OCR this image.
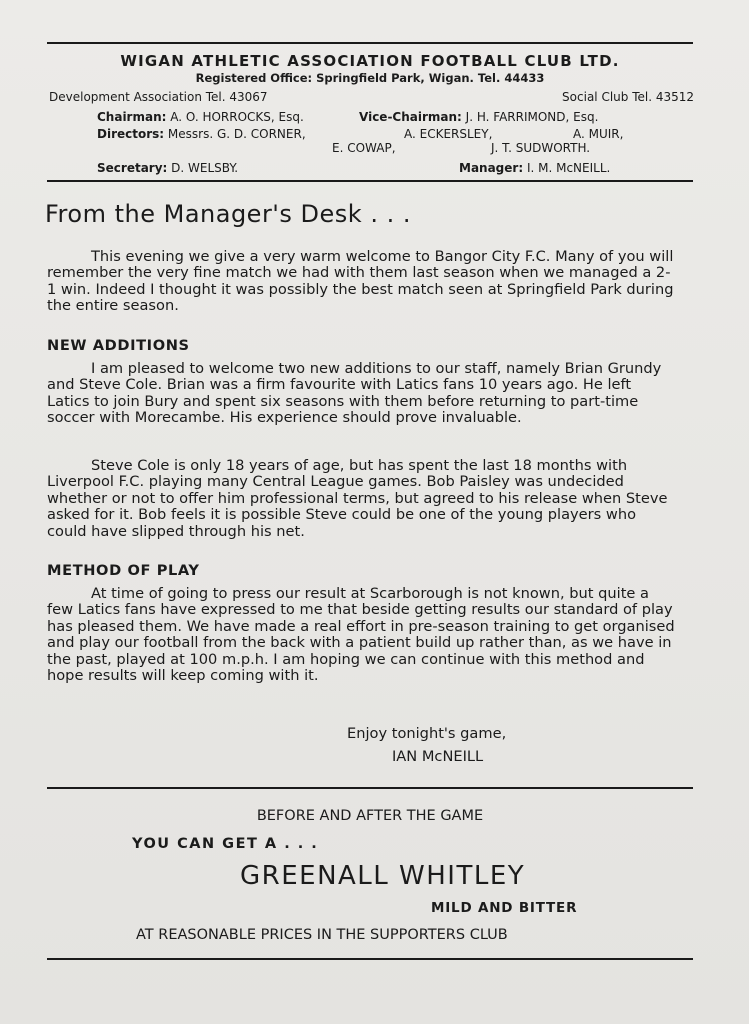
WIGAN ATHLETIC ASSOCIATION FOOTBALL CLUB LTD.
Registered Office: Springfield Park, Wigan. Tel. 44433
Development Association Tel. 43067	Social Club Tel. 43512
Chairman: A. O. HORROCKS, Esq.	Vice-Chairman: J. H. FARRIMOND, Esq.
Directors: Messrs. G. D. CORNER,	A. ECKERSLEY,	A. MUIR,
E. COWAP,	J. T. SUDWORTH.
Secretary: D. WELSBY.	Manager: I. M. McNEILL.
From the Manager's Desk . . .

This evening we give a very warm welcome to Bangor City F.C. Many of you will remember the very fine match we had with them last season when we managed a 2-1 win. Indeed I thought it was possibly the best match seen at Springfield Park during the entire season.

NEW ADDITIONS

I am pleased to welcome two new additions to our staff, namely Brian Grundy and Steve Cole. Brian was a firm favourite with Latics fans 10 years ago. He left Latics to join Bury and spent six seasons with them before returning to part-time soccer with Morecambe. His experience should prove invaluable.

Steve Cole is only 18 years of age, but has spent the last 18 months with Liverpool F.C. playing many Central League games. Bob Paisley was undecided whether or not to offer him professional terms, but agreed to his release when Steve asked for it. Bob feels it is possible Steve could be one of the young players who could have slipped through his net.

METHOD OF PLAY

At time of going to press our result at Scarborough is not known, but quite a few Latics fans have expressed to me that beside getting results our standard of play has pleased them. We have made a real effort in pre-season training to get organised and play our football from the back with a patient build up rather than, as we have in the past, played at 100 m.p.h. I am hoping we can continue with this method and hope results will keep coming with it.

Enjoy tonight's game,
IAN McNEILL
BEFORE AND AFTER THE GAME
YOU CAN GET A . . .
GREENALL WHITLEY
MILD AND BITTER
AT REASONABLE PRICES IN THE SUPPORTERS CLUB
